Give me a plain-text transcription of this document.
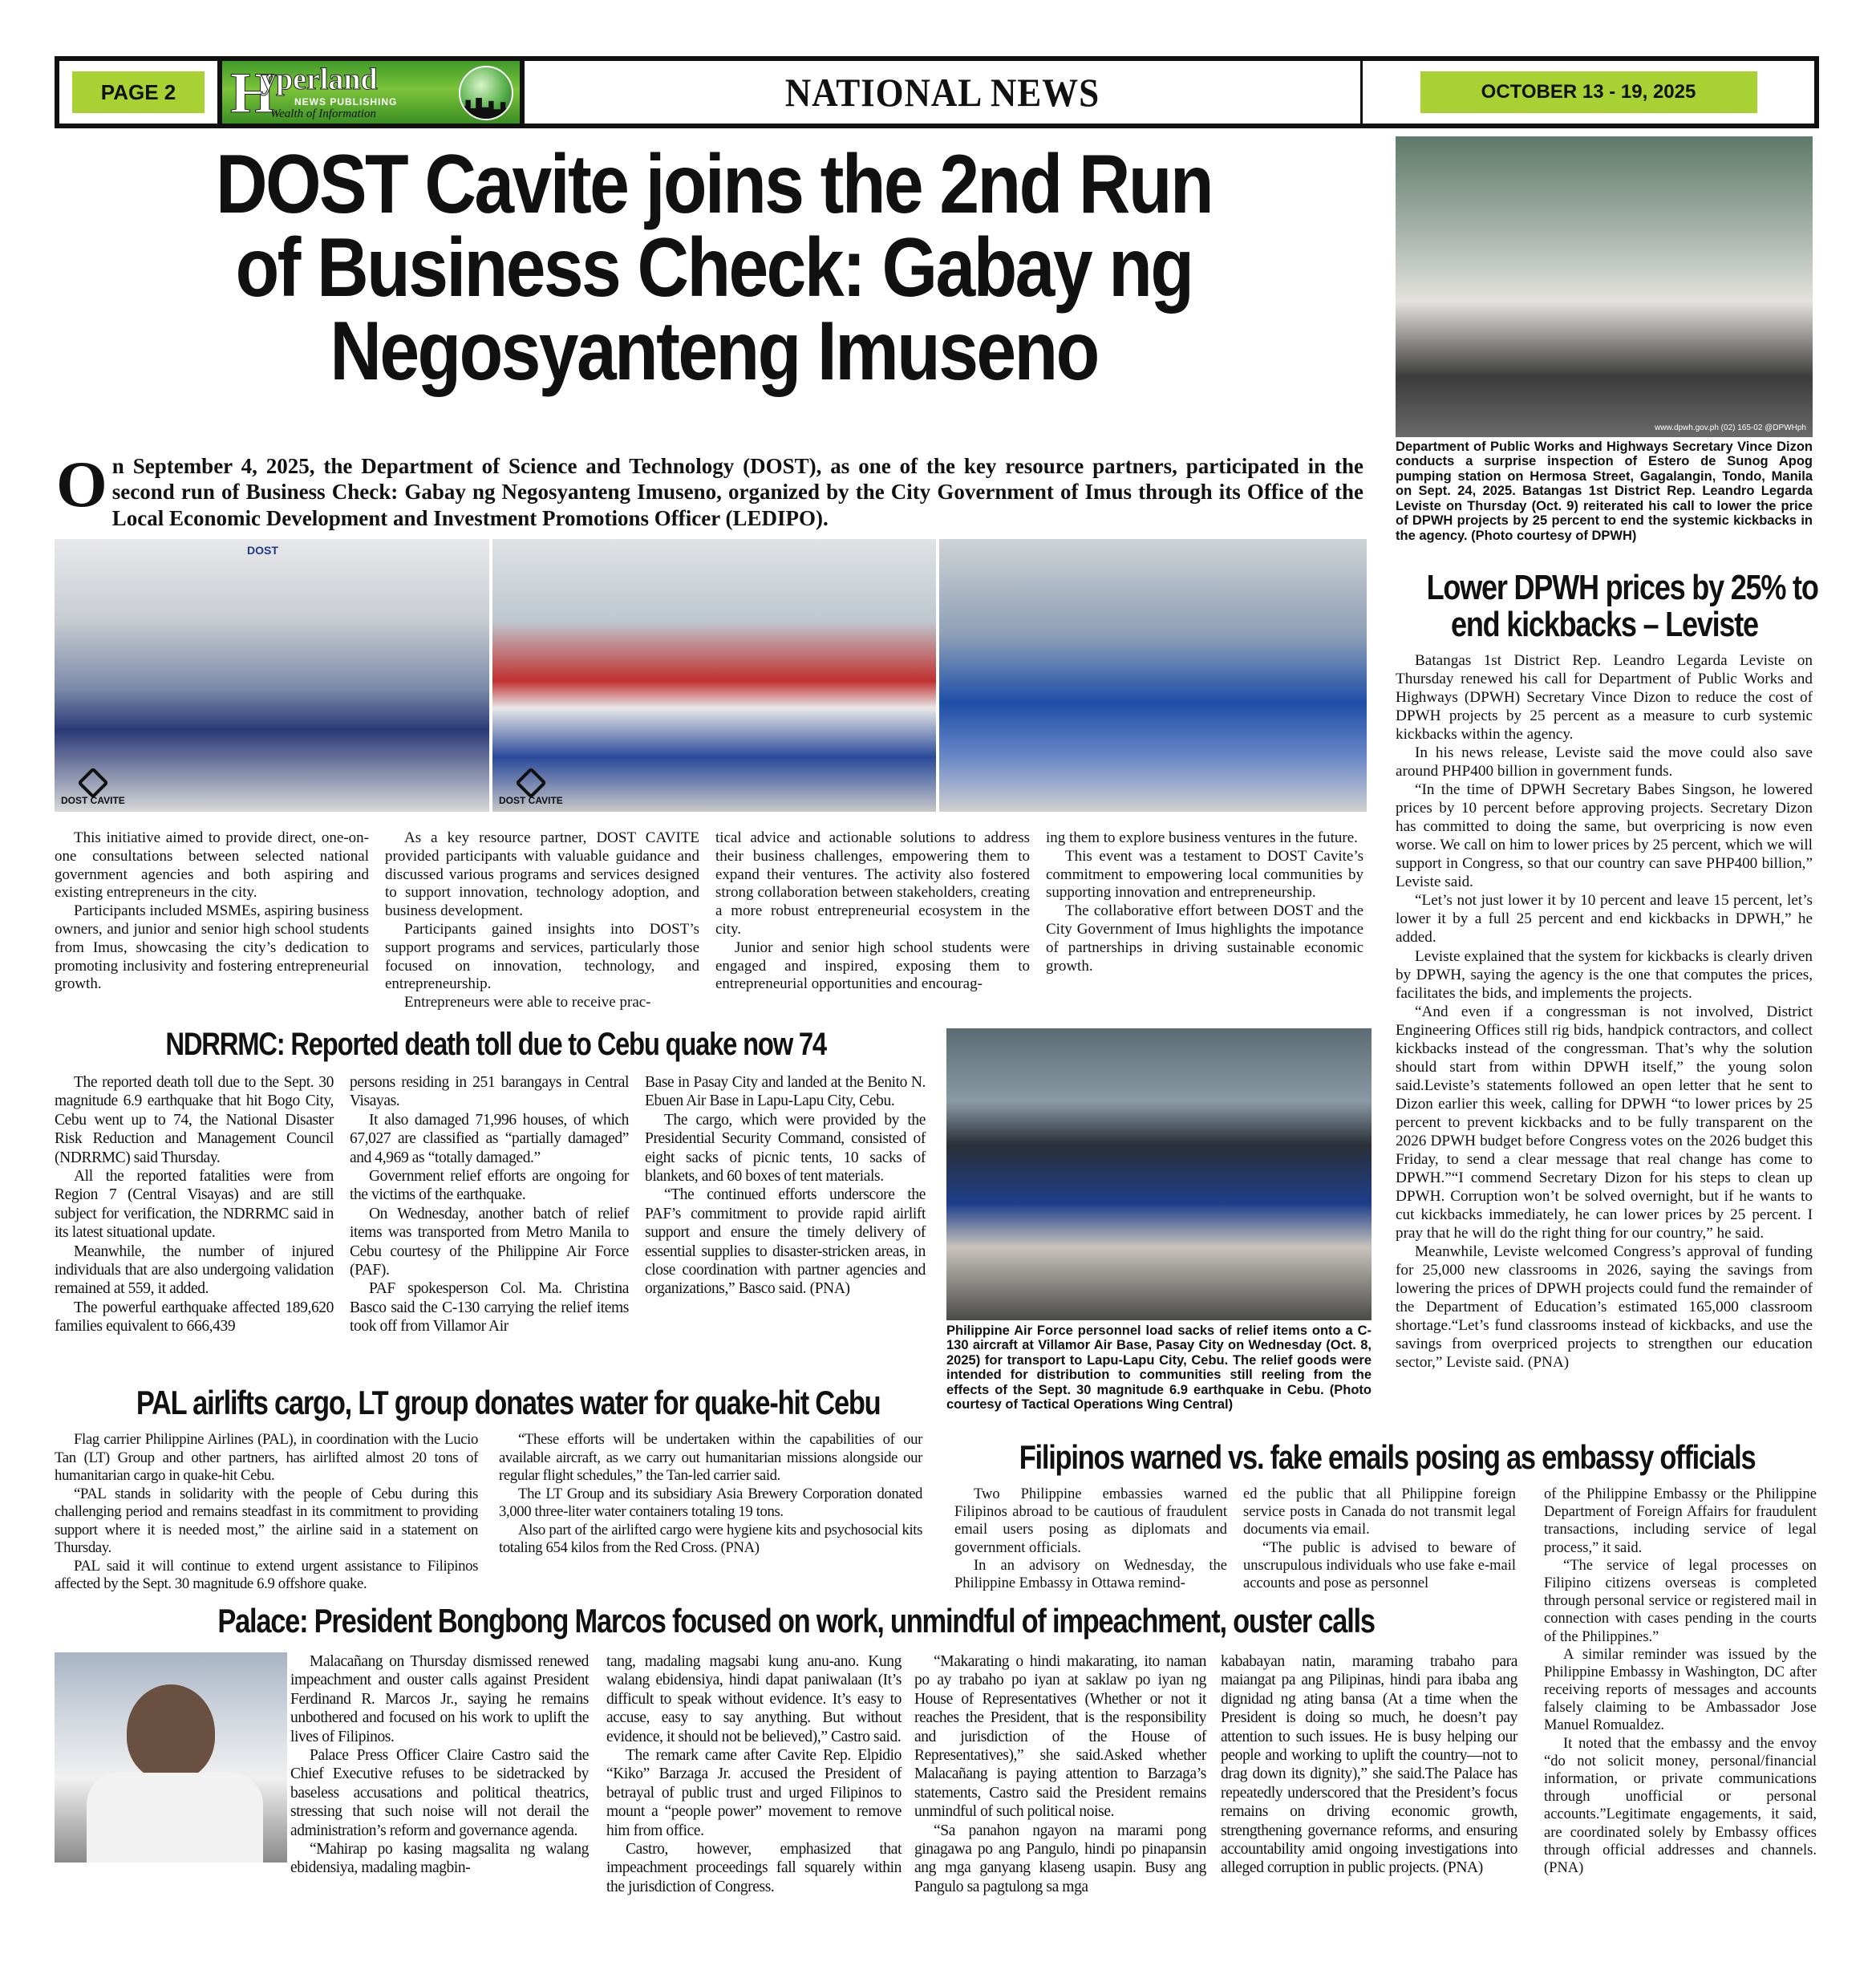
PAGE 2 H
yperland
NEWS PUBLISHING
Wealth of Information	NATIONAL NEWS	OCTOBER 13 - 19, 2025
DOST Cavite joins the 2nd Run
of Business Check: Gabay ng
Negosyanteng Imuseno
On September 4, 2025, the Department of Science and Technology (DOST), as one of the key resource partners, participated in the second run of Business Check: Gabay ng Negosyanteng Imuseno, organized by the City Government of Imus through its Office of the Local Economic Development and Investment Promotions Officer (LEDIPO).
DOST
DOST CAVITE	DOST CAVITE

This initiative aimed to provide direct, one-on-one consultations between selected national government agencies and both aspiring and existing entrepreneurs in the city.

Participants included MSMEs, aspiring business owners, and junior and senior high school students from Imus, showcasing the city’s dedication to promoting inclusivity and fostering entrepreneurial growth.

As a key resource partner, DOST CAVITE provided participants with valuable guidance and discussed various programs and services designed to support innovation, technology adoption, and business development.

Participants gained insights into DOST’s support programs and services, particularly those focused on innovation, technology, and entrepreneurship.

Entrepreneurs were able to receive prac-

tical advice and actionable solutions to address their business challenges, empowering them to expand their ventures. The activity also fostered strong collaboration between stakeholders, creating a more robust entrepreneurial ecosystem in the city.

Junior and senior high school students were engaged and inspired, exposing them to entrepreneurial opportunities and encourag-

ing them to explore business ventures in the future.

This event was a testament to DOST Cavite’s commitment to empowering local communities by supporting innovation and entrepreneurship.

The collaborative effort between DOST and the City Government of Imus highlights the impotance of partnerships in driving sustainable economic growth.

www.dpwh.gov.ph (02) 165-02 @DPWHph
Department of Public Works and Highways Secretary Vince Dizon conducts a surprise inspection of Estero de Sunog Apog pumping station on Hermosa Street, Gagalangin, Tondo, Manila on Sept. 24, 2025. Batangas 1st District Rep. Leandro Legarda Leviste on Thursday (Oct. 9) reiterated his call to lower the price of DPWH projects by 25 percent to end the systemic kickbacks in the agency. (Photo courtesy of DPWH)
Lower DPWH prices by 25% to
end kickbacks – Leviste

Batangas 1st District Rep. Leandro Legarda Leviste on Thursday renewed his call for Department of Public Works and Highways (DPWH) Secretary Vince Dizon to reduce the cost of DPWH projects by 25 percent as a measure to curb systemic kickbacks within the agency.

In his news release, Leviste said the move could also save around PHP400 billion in government funds.

“In the time of DPWH Secretary Babes Singson, he lowered prices by 10 percent before approving projects. Secretary Dizon has committed to doing the same, but overpricing is now even worse. We call on him to lower prices by 25 percent, which we will support in Congress, so that our country can save PHP400 billion,” Leviste said.

“Let’s not just lower it by 10 percent and leave 15 percent, let’s lower it by a full 25 percent and end kickbacks in DPWH,” he added.

Leviste explained that the system for kickbacks is clearly driven by DPWH, saying the agency is the one that computes the prices, facilitates the bids, and implements the projects.

“And even if a congressman is not involved, District Engineering Offices still rig bids, handpick contractors, and collect kickbacks instead of the congressman. That’s why the solution should start from within DPWH itself,” the young solon said.Leviste’s statements followed an open letter that he sent to Dizon earlier this week, calling for DPWH “to lower prices by 25 percent to prevent kickbacks and to be fully transparent on the 2026 DPWH budget before Congress votes on the 2026 budget this Friday, to send a clear message that real change has come to DPWH.”“I commend Secretary Dizon for his steps to clean up DPWH. Corruption won’t be solved overnight, but if he wants to cut kickbacks immediately, he can lower prices by 25 percent. I pray that he will do the right thing for our country,” he said.

Meanwhile, Leviste welcomed Congress’s approval of funding for 25,000 new classrooms in 2026, saying the savings from lowering the prices of DPWH projects could fund the remainder of the Department of Education’s estimated 165,000 classroom shortage.“Let’s fund classrooms instead of kickbacks, and use the savings from overpriced projects to strengthen our education sector,” Leviste said. (PNA)

NDRRMC: Reported death toll due to Cebu quake now 74

The reported death toll due to the Sept. 30 magnitude 6.9 earthquake that hit Bogo City, Cebu went up to 74, the National Disaster Risk Reduction and Management Council (NDRRMC) said Thursday.

All the reported fatalities were from Region 7 (Central Visayas) and are still subject for verification, the NDRRMC said in its latest situational update.

Meanwhile, the number of injured individuals that are also undergoing validation remained at 559, it added.

The powerful earthquake affected 189,620 families equivalent to 666,439

persons residing in 251 barangays in Central Visayas.

It also damaged 71,996 houses, of which 67,027 are classified as “partially damaged” and 4,969 as “totally damaged.”

Government relief efforts are ongoing for the victims of the earthquake.

On Wednesday, another batch of relief items was transported from Metro Manila to Cebu courtesy of the Philippine Air Force (PAF).

PAF spokesperson Col. Ma. Christina Basco said the C-130 carrying the relief items took off from Villamor Air

Base in Pasay City and landed at the Benito N. Ebuen Air Base in Lapu-Lapu City, Cebu.

The cargo, which were provided by the Presidential Security Command, consisted of eight sacks of picnic tents, 10 sacks of blankets, and 60 boxes of tent materials.

“The continued efforts underscore the PAF’s commitment to provide rapid airlift support and ensure the timely delivery of essential supplies to disaster-stricken areas, in close coordination with partner agencies and organizations,” Basco said. (PNA)

Philippine Air Force personnel load sacks of relief items onto a C-130 aircraft at Villamor Air Base, Pasay City on Wednesday (Oct. 8, 2025) for transport to Lapu-Lapu City, Cebu. The relief goods were intended for distribution to communities still reeling from the effects of the Sept. 30 magnitude 6.9 earthquake in Cebu. (Photo courtesy of Tactical Operations Wing Central)
PAL airlifts cargo, LT group donates water for quake-hit Cebu

Flag carrier Philippine Airlines (PAL), in coordination with the Lucio Tan (LT) Group and other partners, has airlifted almost 20 tons of humanitarian cargo in quake-hit Cebu.

“PAL stands in solidarity with the people of Cebu during this challenging period and remains steadfast in its commitment to providing support where it is needed most,” the airline said in a statement on Thursday.

PAL said it will continue to extend urgent assistance to Filipinos affected by the Sept. 30 magnitude 6.9 offshore quake.

“These efforts will be undertaken within the capabilities of our available aircraft, as we carry out humanitarian missions alongside our regular flight schedules,” the Tan-led carrier said.

The LT Group and its subsidiary Asia Brewery Corporation donated 3,000 three-liter water containers totaling 19 tons.

Also part of the airlifted cargo were hygiene kits and psychosocial kits totaling 654 kilos from the Red Cross. (PNA)

Filipinos warned vs. fake emails posing as embassy officials

Two Philippine embassies warned Filipinos abroad to be cautious of fraudulent email users posing as diplomats and government officials.

In an advisory on Wednesday, the Philippine Embassy in Ottawa remind-

ed the public that all Philippine foreign service posts in Canada do not transmit legal documents via email.

“The public is advised to beware of unscrupulous individuals who use fake e-mail accounts and pose as personnel

of the Philippine Embassy or the Philippine Department of Foreign Affairs for fraudulent transactions, including service of legal process,” it said.

“The service of legal processes on Filipino citizens overseas is completed through personal service or registered mail in connection with cases pending in the courts of the Philippines.”

A similar reminder was issued by the Philippine Embassy in Washington, DC after receiving reports of messages and accounts falsely claiming to be Ambassador Jose Manuel Romualdez.

It noted that the embassy and the envoy “do not solicit money, personal/financial information, or private communications through unofficial or personal accounts.”Legitimate engagements, it said, are coordinated solely by Embassy offices through official addresses and channels. (PNA)

Palace: President Bongbong Marcos focused on work, unmindful of impeachment, ouster calls

Malacañang on Thursday dismissed renewed impeachment and ouster calls against President Ferdinand R. Marcos Jr., saying he remains unbothered and focused on his work to uplift the lives of Filipinos.

Palace Press Officer Claire Castro said the Chief Executive refuses to be sidetracked by baseless accusations and political theatrics, stressing that such noise will not derail the administration’s reform and governance agenda.

“Mahirap po kasing magsalita ng walang ebidensiya, madaling magbin-

tang, madaling magsabi kung anu-ano. Kung walang ebidensiya, hindi dapat paniwalaan (It’s difficult to speak without evidence. It’s easy to accuse, easy to say anything. But without evidence, it should not be believed),” Castro said.

The remark came after Cavite Rep. Elpidio “Kiko” Barzaga Jr. accused the President of betrayal of public trust and urged Filipinos to mount a “people power” movement to remove him from office.

Castro, however, emphasized that impeachment proceedings fall squarely within the jurisdiction of Congress.

“Makarating o hindi makarating, ito naman po ay trabaho po iyan at saklaw po iyan ng House of Representatives (Whether or not it reaches the President, that is the responsibility and jurisdiction of the House of Representatives),” she said.Asked whether Malacañang is paying attention to Barzaga’s statements, Castro said the President remains unmindful of such political noise.

“Sa panahon ngayon na marami pong ginagawa po ang Pangulo, hindi po pinapansin ang mga ganyang klaseng usapin. Busy ang Pangulo sa pagtulong sa mga

kababayan natin, maraming trabaho para maiangat pa ang Pilipinas, hindi para ibaba ang dignidad ng ating bansa (At a time when the President is doing so much, he doesn’t pay attention to such issues. He is busy helping our people and working to uplift the country—not to drag down its dignity),” she said.The Palace has repeatedly underscored that the President’s focus remains on driving economic growth, strengthening governance reforms, and ensuring accountability amid ongoing investigations into alleged corruption in public projects. (PNA)
